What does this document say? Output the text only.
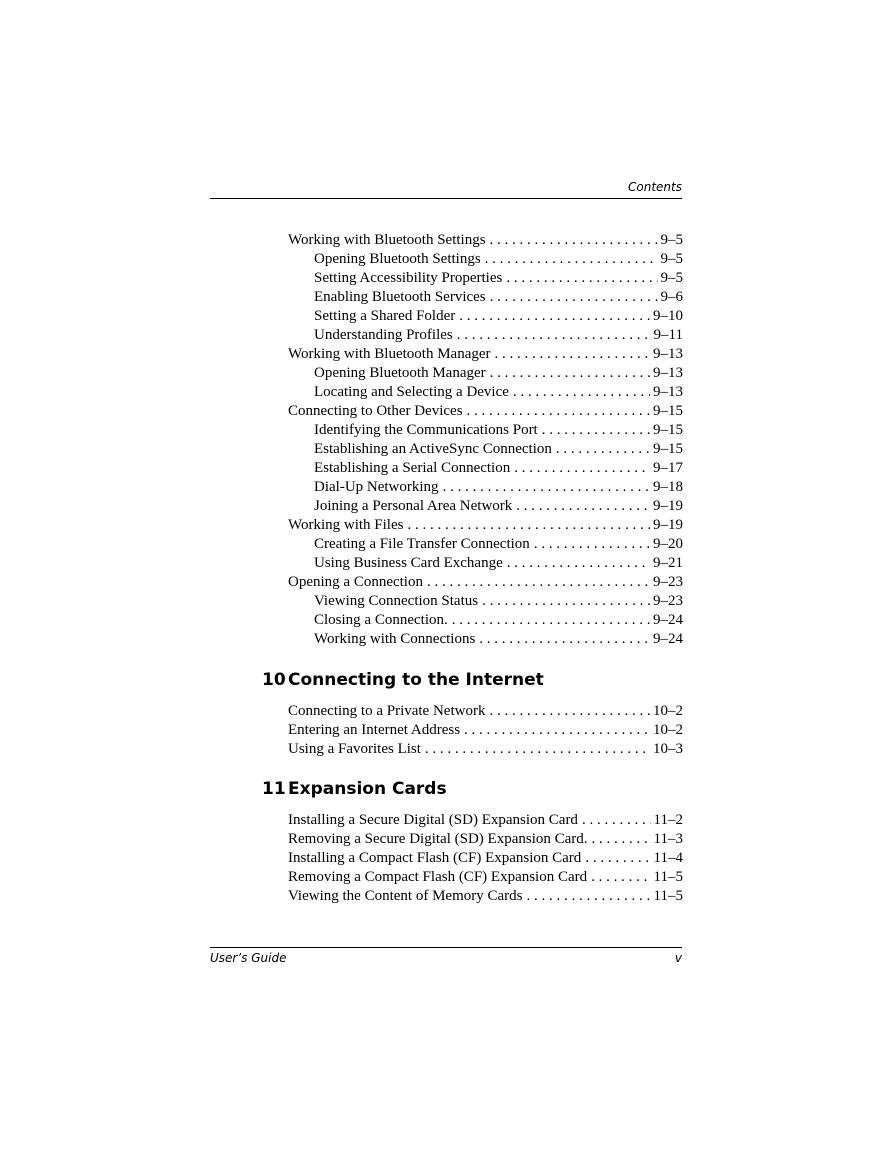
Contents
Working with Bluetooth Settings . . .	9–5
Opening Bluetooth Settings . . .	9–5
Setting Accessibility Properties . . .	9–5
Enabling Bluetooth Services . . .	9–6
Setting a Shared Folder . . .	9–10
Understanding Profiles . . .	9–11
Working with Bluetooth Manager . . .	9–13
Opening Bluetooth Manager . . .	9–13
Locating and Selecting a Device . . .	9–13
Connecting to Other Devices . . .	9–15
Identifying the Communications Port . . .	9–15
Establishing an ActiveSync Connection . . .	9–15
Establishing a Serial Connection . . .	9–17
Dial-Up Networking . . .	9–18
Joining a Personal Area Network . . .	9–19
Working with Files . . .	9–19
Creating a File Transfer Connection . . .	9–20
Using Business Card Exchange . . .	9–21
Opening a Connection . . .	9–23
Viewing Connection Status . . .	9–23
Closing a Connection. . . .	9–24
Working with Connections . . .	9–24
10 Connecting to the Internet
Connecting to a Private Network . . .	10–2
Entering an Internet Address . . .	10–2
Using a Favorites List . . .	10–3
11 Expansion Cards
Installing a Secure Digital (SD) Expansion Card . . .	11–2
Removing a Secure Digital (SD) Expansion Card. . . .	11–3
Installing a Compact Flash (CF) Expansion Card . . .	11–4
Removing a Compact Flash (CF) Expansion Card . . .	11–5
Viewing the Content of Memory Cards . . .	11–5
User’s Guide	v
